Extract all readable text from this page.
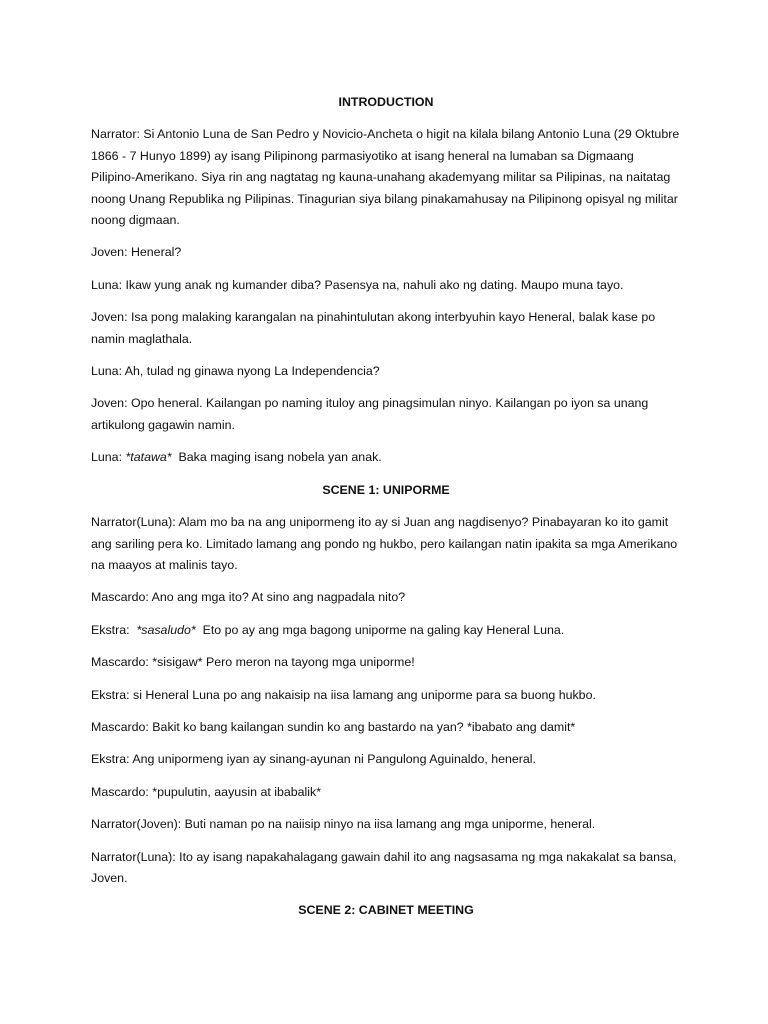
INTRODUCTION

Narrator: Si Antonio Luna de San Pedro y Novicio-Ancheta o higit na kilala bilang Antonio Luna (29 Oktubre 1866 - 7 Hunyo 1899) ay isang Pilipinong parmasiyotiko at isang heneral na lumaban sa Digmaang Pilipino-Amerikano. Siya rin ang nagtatag ng kauna-unahang akademyang militar sa Pilipinas, na naitatag noong Unang Republika ng Pilipinas. Tinagurian siya bilang pinakamahusay na Pilipinong opisyal ng militar noong digmaan.

Joven: Heneral?

Luna: Ikaw yung anak ng kumander diba? Pasensya na, nahuli ako ng dating. Maupo muna tayo.

Joven: Isa pong malaking karangalan na pinahintulutan akong interbyuhin kayo Heneral, balak kase po namin maglathala.

Luna: Ah, tulad ng ginawa nyong La Independencia?

Joven: Opo heneral. Kailangan po naming ituloy ang pinagsimulan ninyo. Kailangan po iyon sa unang artikulong gagawin namin.

Luna: *tatawa* Baka maging isang nobela yan anak.

SCENE 1: UNIPORME

Narrator(Luna): Alam mo ba na ang unipormeng ito ay si Juan ang nagdisenyo? Pinabayaran ko ito gamit ang sariling pera ko. Limitado lamang ang pondo ng hukbo, pero kailangan natin ipakita sa mga Amerikano na maayos at malinis tayo.

Mascardo: Ano ang mga ito? At sino ang nagpadala nito?

Ekstra: *sasaludo* Eto po ay ang mga bagong uniporme na galing kay Heneral Luna.

Mascardo: *sisigaw* Pero meron na tayong mga uniporme!

Ekstra: si Heneral Luna po ang nakaisip na iisa lamang ang uniporme para sa buong hukbo.

Mascardo: Bakit ko bang kailangan sundin ko ang bastardo na yan? *ibabato ang damit*

Ekstra: Ang unipormeng iyan ay sinang-ayunan ni Pangulong Aguinaldo, heneral.

Mascardo: *pupulutin, aayusin at ibabalik*

Narrator(Joven): Buti naman po na naiisip ninyo na iisa lamang ang mga uniporme, heneral.

Narrator(Luna): Ito ay isang napakahalagang gawain dahil ito ang nagsasama ng mga nakakalat sa bansa, Joven.

SCENE 2: CABINET MEETING
